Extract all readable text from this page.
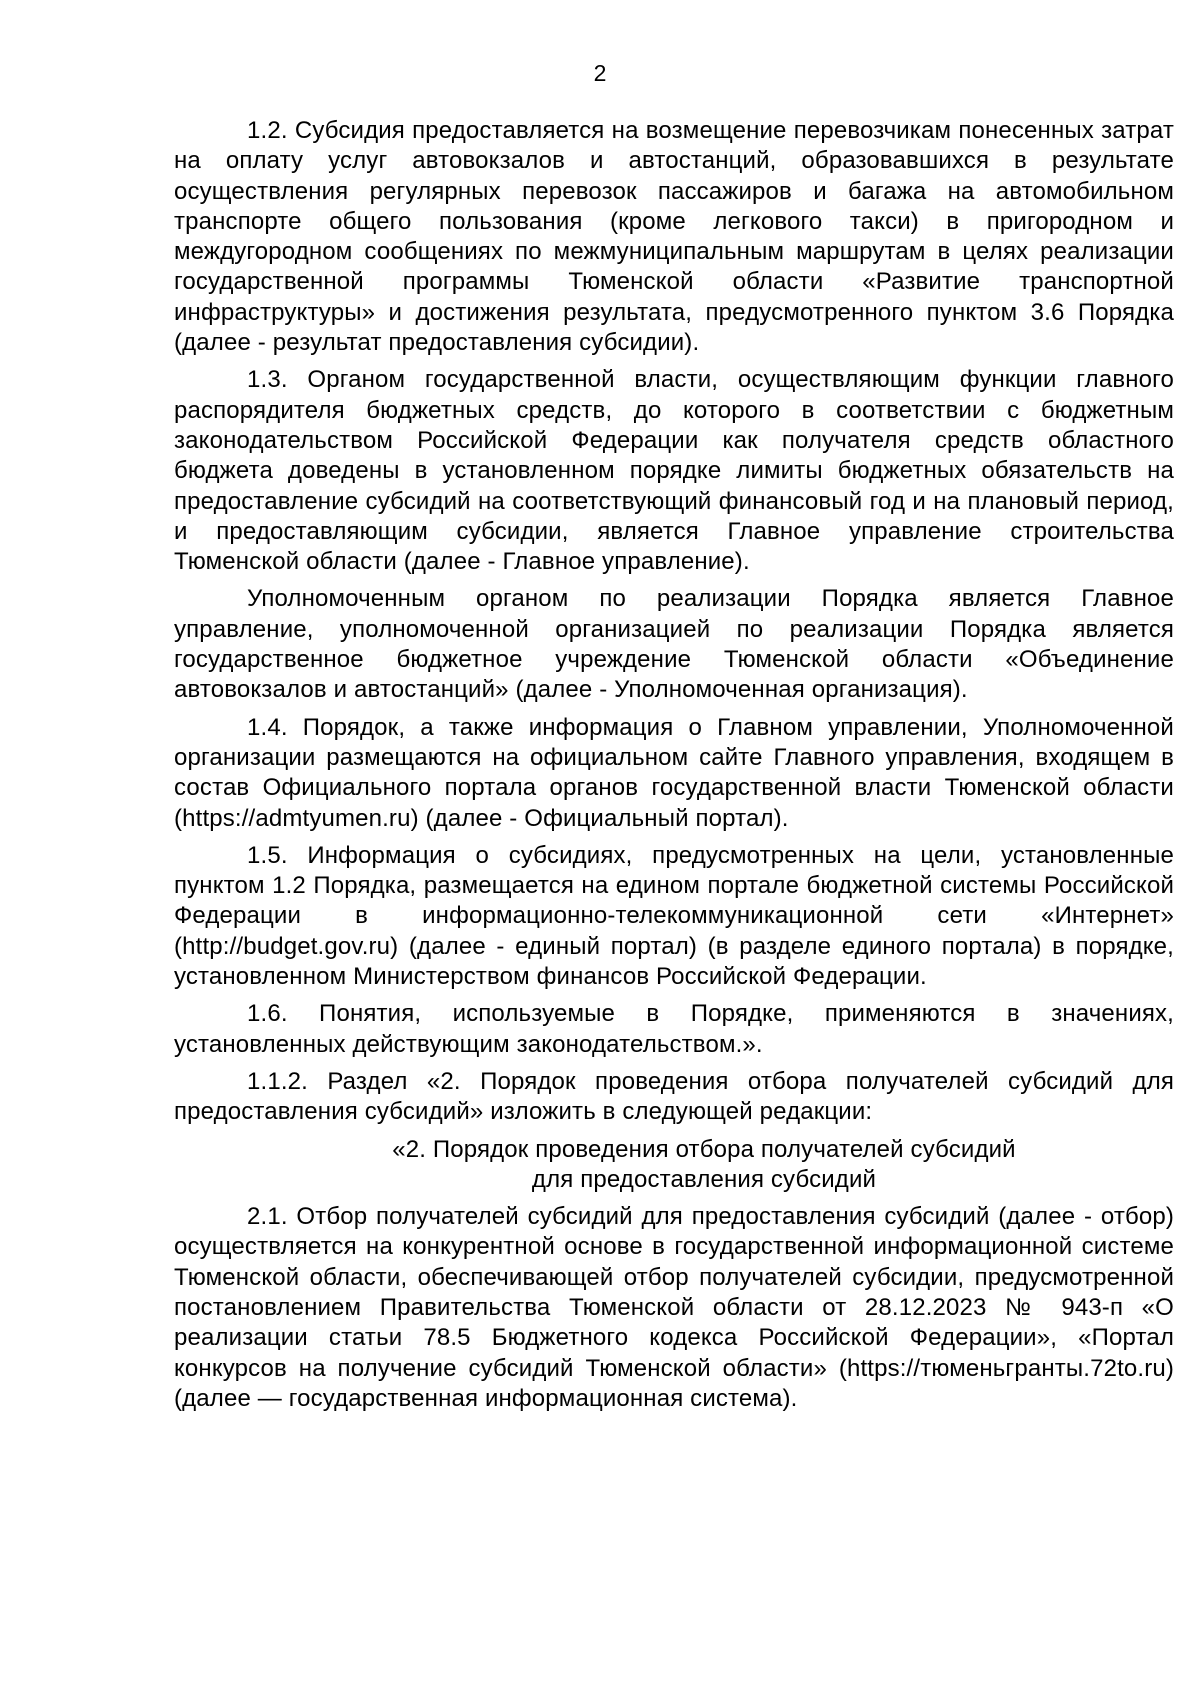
2

1.2. Субсидия предоставляется на возмещение перевозчикам понесенных затрат на оплату услуг автовокзалов и автостанций, образовавшихся в результате осуществления регулярных перевозок пассажиров и багажа на автомобильном транспорте общего пользования (кроме легкового такси) в пригородном и междугородном сообщениях по межмуниципальным маршрутам в целях реализации государственной программы Тюменской области «Развитие транспортной инфраструктуры» и достижения результата, предусмотренного пунктом 3.6 Порядка (далее - результат предоставления субсидии).

1.3. Органом государственной власти, осуществляющим функции главного распорядителя бюджетных средств, до которого в соответствии с бюджетным законодательством Российской Федерации как получателя средств областного бюджета доведены в установленном порядке лимиты бюджетных обязательств на предоставление субсидий на соответствующий финансовый год и на плановый период, и предоставляющим субсидии, является Главное управление строительства Тюменской области (далее - Главное управление).

Уполномоченным органом по реализации Порядка является Главное управление, уполномоченной организацией по реализации Порядка является государственное бюджетное учреждение Тюменской области «Объединение автовокзалов и автостанций» (далее - Уполномоченная организация).

1.4. Порядок, а также информация о Главном управлении, Уполномоченной организации размещаются на официальном сайте Главного управления, входящем в состав Официального портала органов государственной власти Тюменской области (https://admtyumen.ru) (далее - Официальный портал).

1.5. Информация о субсидиях, предусмотренных на цели, установленные пунктом 1.2 Порядка, размещается на едином портале бюджетной системы Российской Федерации в информационно-телекоммуникационной сети «Интернет» (http://budget.gov.ru) (далее - единый портал) (в разделе единого портала) в порядке, установленном Министерством финансов Российской Федерации.

1.6. Понятия, используемые в Порядке, применяются в значениях, установленных действующим законодательством.».

1.1.2. Раздел «2. Порядок проведения отбора получателей субсидий для предоставления субсидий» изложить в следующей редакции:

«2. Порядок проведения отбора получателей субсидий
для предоставления субсидий

2.1. Отбор получателей субсидий для предоставления субсидий (далее - отбор) осуществляется на конкурентной основе в государственной информационной системе Тюменской области, обеспечивающей отбор получателей субсидии, предусмотренной постановлением Правительства Тюменской области от 28.12.2023 № 943-п «О реализации статьи 78.5 Бюджетного кодекса Российской Федерации», «Портал конкурсов на получение субсидий Тюменской области» (https://тюменьгранты.72to.ru) (далее — государственная информационная система).
